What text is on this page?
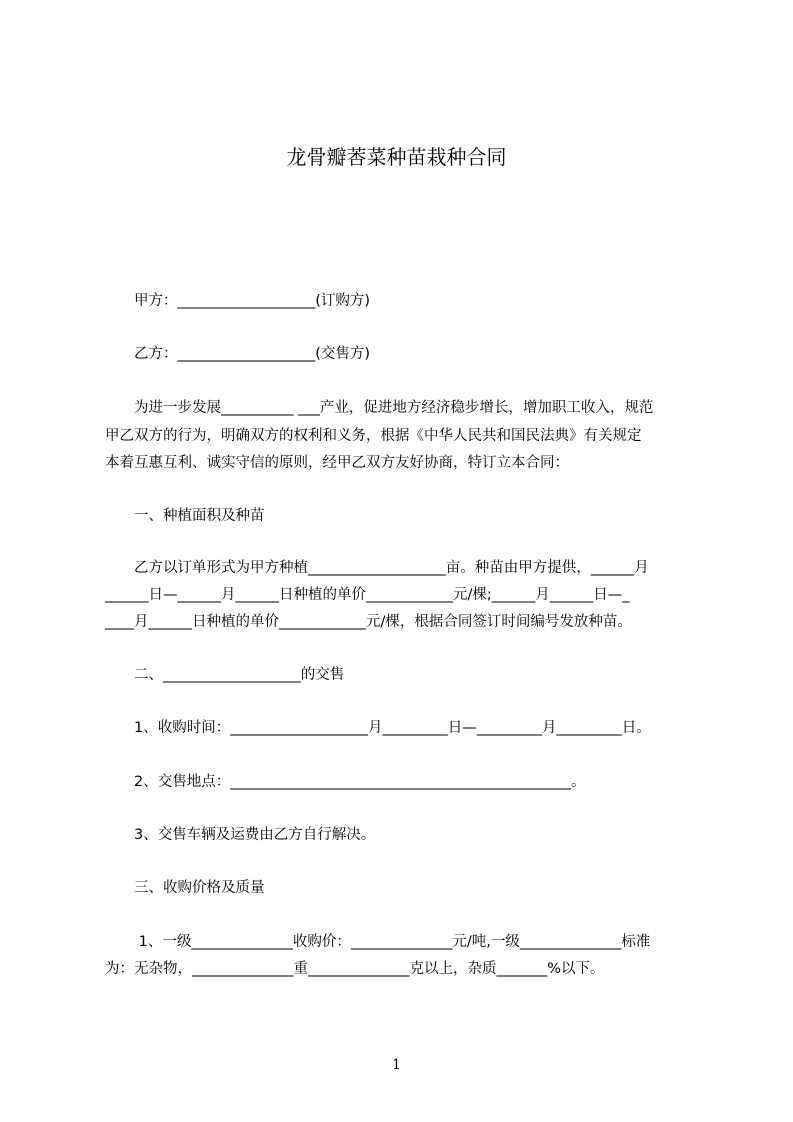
龙骨瓣莕菜种苗栽种合同
　　甲方：___________________(订购方)
　　乙方：___________________(交售方)
　　为进一步发展__________ ___产业，促进地方经济稳步增长，增加职工收入，规范
甲乙双方的行为，明确双方的权利和义务，根据《中华人民共和国民法典》有关规定
本着互惠互利、诚实守信的原则，经甲乙双方友好协商，特订立本合同：
　　一、种植面积及种苗
　　乙方以订单形式为甲方种植___________________亩。种苗由甲方提供，______月
______日—______月______日种植的单价____________元/棵;______月______日—_
____月______日种植的单价____________元/棵，根据合同签订时间编号发放种苗。
　　二、___________________的交售
　　1、收购时间：___________________月_________日—_________月_________日。
　　2、交售地点：_______________________________________________。
　　3、交售车辆及运费由乙方自行解决。
　　三、收购价格及质量
　　 1、一级______________收购价：______________元/吨,一级______________标准
为：无杂物，______________重______________克以上，杂质_______%以下。
1
